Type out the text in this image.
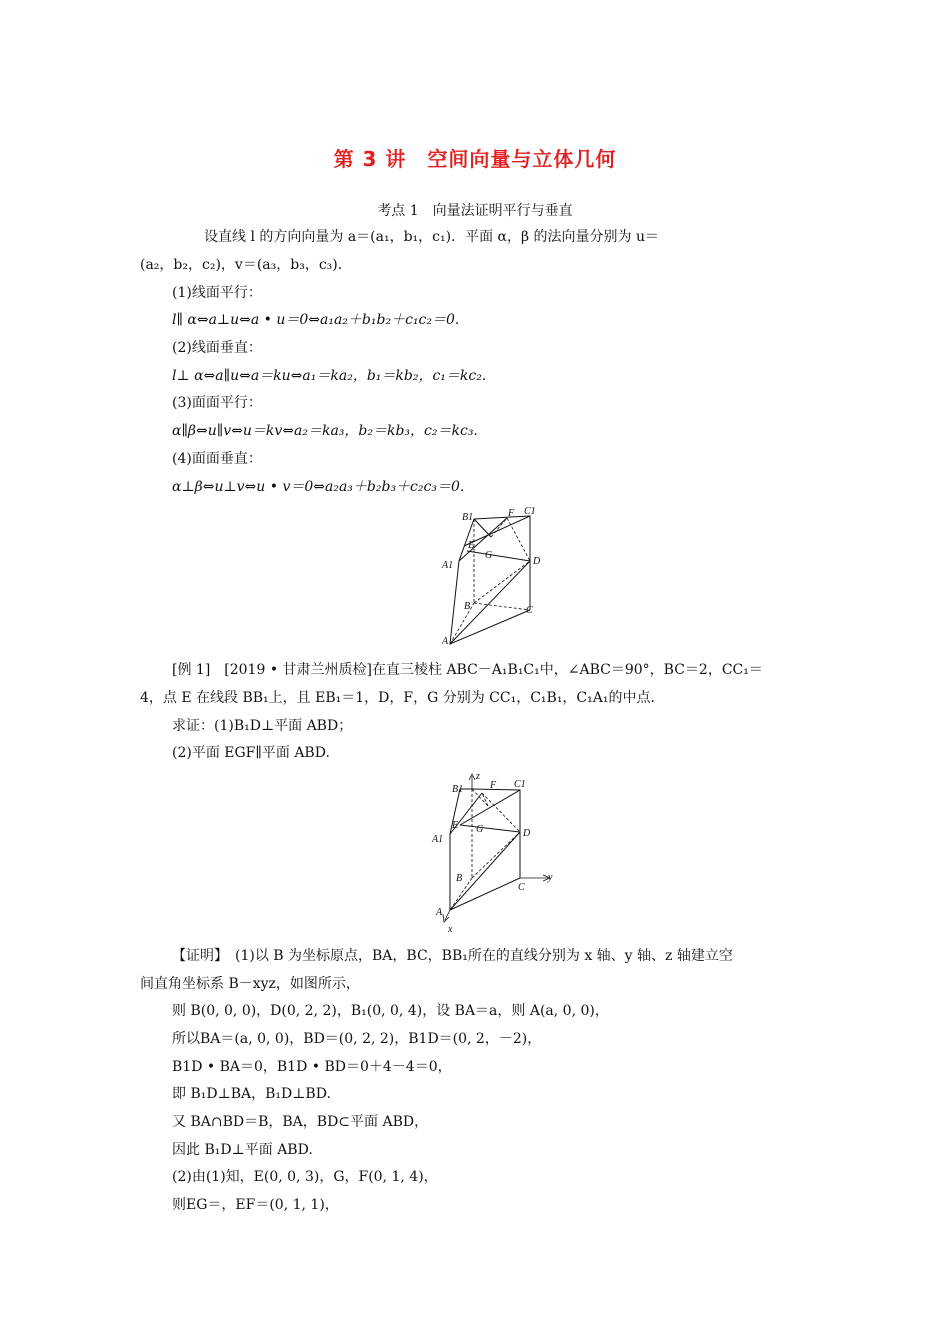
第 3 讲　空间向量与立体几何
考点 1　向量法证明平行与垂直
设直线 l 的方向向量为 a＝(a₁，b₁，c₁)．平面 α，β 的法向量分别为 u＝
(a₂，b₂，c₂)，v＝(a₃，b₃，c₃)．
(1)线面平行：
l∥ α⇔a⊥u⇔a • u＝0⇔a₁a₂＋b₁b₂＋c₁c₂＝0.
(2)线面垂直：
l⊥ α⇔a∥u⇔a＝ku⇔a₁＝ka₂，b₁＝kb₂，c₁＝kc₂.
(3)面面平行：
α∥β⇔u∥v⇔u＝kv⇔a₂＝ka₃，b₂＝kb₃，c₂＝kc₃.
(4)面面垂直：
α⊥β⇔u⊥v⇔u • v＝0⇔a₂a₃＋b₂b₃＋c₂c₃＝0.
B1	F C1
E
G
A1	D
B	C
A
[例 1]　[2019 • 甘肃兰州质检]在直三棱柱 ABC－A₁B₁C₁中，∠ABC＝90°，BC＝2，CC₁＝
4，点 E 在线段 BB₁上，且 EB₁＝1，D，F，G 分别为 CC₁，C₁B₁，C₁A₁的中点.
求证：(1)B₁D⊥平面 ABD；
(2)平面 EGF∥平面 ABD.
z
B1	F C1
E G
A1
D
B
C
y
A
x
【证明】　(1)以 B 为坐标原点，BA，BC，BB₁所在的直线分别为 x 轴、y 轴、z 轴建立空
间直角坐标系 B－xyz，如图所示，
则 B(0, 0, 0)，D(0, 2, 2)，B₁(0, 0, 4)，设 BA＝a，则 A(a, 0, 0)，
所以BA＝(a, 0, 0)，BD＝(0, 2, 2)，B1D＝(0, 2，－2)，
B1D • BA＝0，B1D • BD＝0＋4－4＝0，
即 B₁D⊥BA，B₁D⊥BD.
又 BA∩BD＝B，BA，BD⊂平面 ABD，
因此 B₁D⊥平面 ABD.
(2)由(1)知，E(0, 0, 3)，G，F(0, 1, 4)，
则EG＝，EF＝(0, 1, 1)，
